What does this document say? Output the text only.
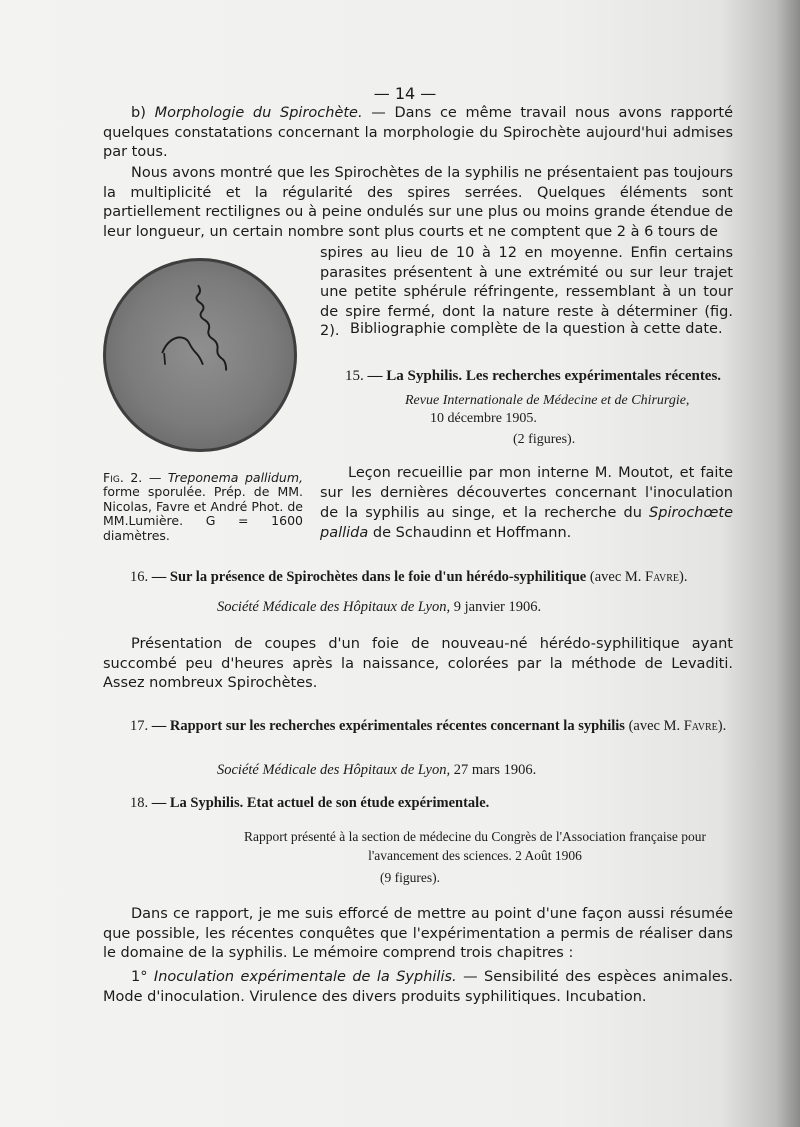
— 14 —

b) Morphologie du Spirochète. — Dans ce même travail nous avons rapporté quelques constatations concernant la morphologie du Spirochète aujourd'hui admises par tous.

Nous avons montré que les Spirochètes de la syphilis ne présentaient pas toujours la multiplicité et la régularité des spires serrées. Quelques éléments sont partiellement rectilignes ou à peine ondulés sur une plus ou moins grande étendue de leur longueur, un certain nombre sont plus courts et ne comptent que 2 à 6 tours de

spires au lieu de 10 à 12 en moyenne. Enfin certains parasites présentent à une extrémité ou sur leur trajet une petite sphérule réfringente, ressemblant à un tour de spire fermé, dont la nature reste à déterminer (fig. 2). Bibliographie complète de la question à cette date.

Fig. 2. — Treponema pallidum, forme sporulée. Prép. de MM. Nicolas, Favre et André Phot. de MM.Lumière. G = 1600 diamètres.

15. — La Syphilis. Les recherches expérimentales récentes.

Revue Internationale de Médecine et de Chirurgie,

10 décembre 1905.

(2 figures).

Leçon recueillie par mon interne M. Moutot, et faite sur les dernières découvertes concernant l'inoculation de la syphilis au singe, et la recherche du Spirochœte pallida de Schaudinn et Hoffmann.

16. — Sur la présence de Spirochètes dans le foie d'un hérédo-syphilitique (avec M. Favre).

Société Médicale des Hôpitaux de Lyon, 9 janvier 1906.

Présentation de coupes d'un foie de nouveau-né hérédo-syphilitique ayant succombé peu d'heures après la naissance, colorées par la méthode de Levaditi. Assez nombreux Spirochètes.

17. — Rapport sur les recherches expérimentales récentes concernant la syphilis (avec M. Favre).

Société Médicale des Hôpitaux de Lyon, 27 mars 1906.

18. — La Syphilis. Etat actuel de son étude expérimentale.

Rapport présenté à la section de médecine du Congrès de l'Association française pour l'avancement des sciences. 2 Août 1906

(9 figures).

Dans ce rapport, je me suis efforcé de mettre au point d'une façon aussi résumée que possible, les récentes conquêtes que l'expérimentation a permis de réaliser dans le domaine de la syphilis. Le mémoire comprend trois chapitres :

1° Inoculation expérimentale de la Syphilis. — Sensibilité des espèces animales. Mode d'inoculation. Virulence des divers produits syphilitiques. Incubation.
